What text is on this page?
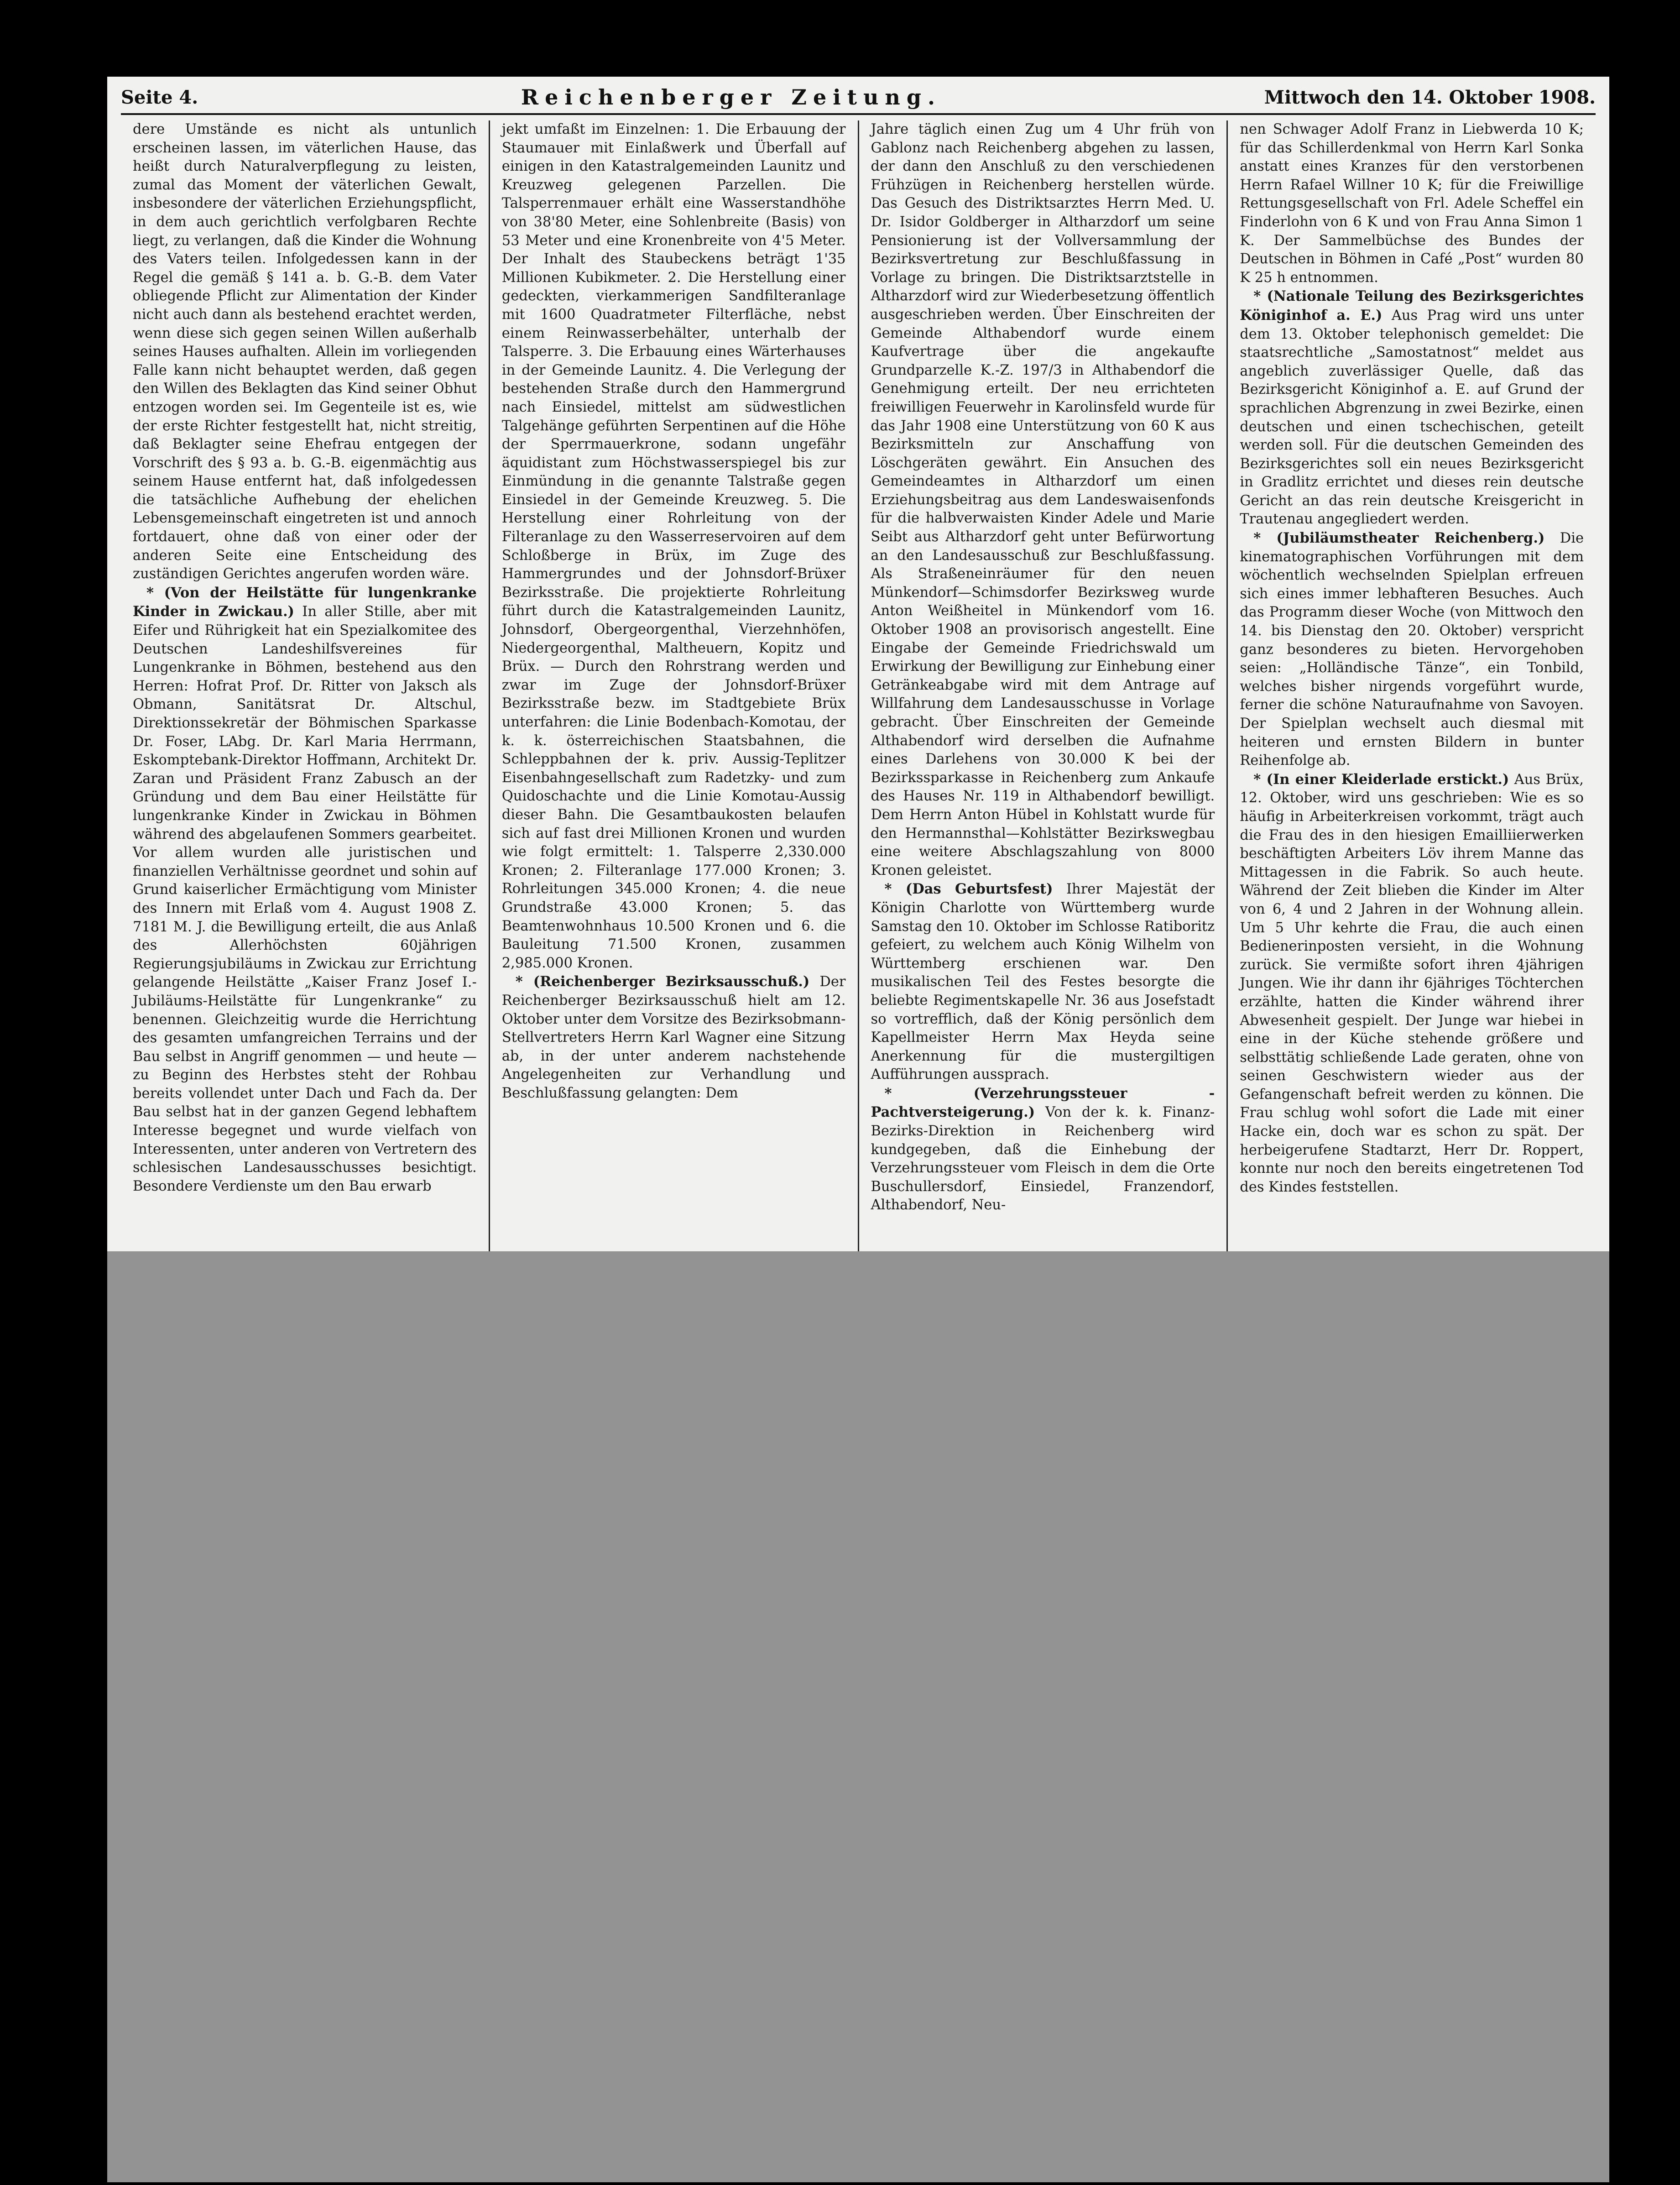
Seite 4.	Reichenberger Zeitung.	Mittwoch den 14. Oktober 1908.

dere Umstände es nicht als untunlich erscheinen lassen, im väterlichen Hause, das heißt durch Naturalverpflegung zu leisten, zumal das Moment der väterlichen Gewalt, insbesondere der väterlichen Erziehungspflicht, in dem auch gerichtlich verfolgbaren Rechte liegt, zu verlangen, daß die Kinder die Wohnung des Vaters teilen. Infolgedessen kann in der Regel die gemäß § 141 a. b. G.-B. dem Vater obliegende Pflicht zur Alimentation der Kinder nicht auch dann als bestehend erachtet werden, wenn diese sich gegen seinen Willen außerhalb seines Hauses aufhalten. Allein im vorliegenden Falle kann nicht behauptet werden, daß gegen den Willen des Beklagten das Kind seiner Obhut entzogen worden sei. Im Gegenteile ist es, wie der erste Richter festgestellt hat, nicht streitig, daß Beklagter seine Ehefrau entgegen der Vorschrift des § 93 a. b. G.-B. eigenmächtig aus seinem Hause entfernt hat, daß infolgedessen die tatsächliche Aufhebung der ehelichen Lebensgemeinschaft eingetreten ist und annoch fortdauert, ohne daß von einer oder der anderen Seite eine Entscheidung des zuständigen Gerichtes angerufen worden wäre.

* (Von der Heilstätte für lungenkranke Kinder in Zwickau.) In aller Stille, aber mit Eifer und Rührigkeit hat ein Spezialkomitee des Deutschen Landeshilfsvereines für Lungenkranke in Böhmen, bestehend aus den Herren: Hofrat Prof. Dr. Ritter von Jaksch als Obmann, Sanitätsrat Dr. Altschul, Direktionssekretär der Böhmischen Sparkasse Dr. Foser, LAbg. Dr. Karl Maria Herrmann, Eskomptebank-Direktor Hoffmann, Architekt Dr. Zaran und Präsident Franz Zabusch an der Gründung und dem Bau einer Heilstätte für lungenkranke Kinder in Zwickau in Böhmen während des abgelaufenen Sommers gearbeitet. Vor allem wurden alle juristischen und finanziellen Verhältnisse geordnet und sohin auf Grund kaiserlicher Ermächtigung vom Minister des Innern mit Erlaß vom 4. August 1908 Z. 7181 M. J. die Bewilligung erteilt, die aus Anlaß des Allerhöchsten 60jährigen Regierungsjubiläums in Zwickau zur Errichtung gelangende Heilstätte „Kaiser Franz Josef I.-Jubiläums-Heilstätte für Lungenkranke“ zu benennen. Gleichzeitig wurde die Herrichtung des gesamten umfangreichen Terrains und der Bau selbst in Angriff genommen — und heute — zu Beginn des Herbstes steht der Rohbau bereits vollendet unter Dach und Fach da. Der Bau selbst hat in der ganzen Gegend lebhaftem Interesse begegnet und wurde vielfach von Interessenten, unter anderen von Vertretern des schlesischen Landesausschusses besichtigt. Besondere Verdienste um den Bau erwarb

jekt umfaßt im Einzelnen: 1. Die Erbauung der Staumauer mit Einlaßwerk und Überfall auf einigen in den Katastralgemeinden Launitz und Kreuzweg gelegenen Parzellen. Die Talsperrenmauer erhält eine Wasserstandhöhe von 38'80 Meter, eine Sohlenbreite (Basis) von 53 Meter und eine Kronenbreite von 4'5 Meter. Der Inhalt des Staubeckens beträgt 1'35 Millionen Kubikmeter. 2. Die Herstellung einer gedeckten, vierkammerigen Sandfilteranlage mit 1600 Quadratmeter Filterfläche, nebst einem Reinwasserbehälter, unterhalb der Talsperre. 3. Die Erbauung eines Wärterhauses in der Gemeinde Launitz. 4. Die Verlegung der bestehenden Straße durch den Hammergrund nach Einsiedel, mittelst am südwestlichen Talgehänge geführten Serpentinen auf die Höhe der Sperrmauerkrone, sodann ungefähr äquidistant zum Höchstwasserspiegel bis zur Einmündung in die genannte Talstraße gegen Einsiedel in der Gemeinde Kreuzweg. 5. Die Herstellung einer Rohrleitung von der Filteranlage zu den Wasserreservoiren auf dem Schloßberge in Brüx, im Zuge des Hammergrundes und der Johnsdorf-Brüxer Bezirksstraße. Die projektierte Rohrleitung führt durch die Katastralgemeinden Launitz, Johnsdorf, Obergeorgenthal, Vierzehnhöfen, Niedergeorgenthal, Maltheuern, Kopitz und Brüx. — Durch den Rohrstrang werden und zwar im Zuge der Johnsdorf-Brüxer Bezirksstraße bezw. im Stadtgebiete Brüx unterfahren: die Linie Bodenbach-Komotau, der k. k. österreichischen Staatsbahnen, die Schleppbahnen der k. priv. Aussig-Teplitzer Eisenbahngesellschaft zum Radetzky- und zum Quidoschachte und die Linie Komotau-Aussig dieser Bahn. Die Gesamtbaukosten belaufen sich auf fast drei Millionen Kronen und wurden wie folgt ermittelt: 1. Talsperre 2,330.000 Kronen; 2. Filteranlage 177.000 Kronen; 3. Rohrleitungen 345.000 Kronen; 4. die neue Grundstraße 43.000 Kronen; 5. das Beamtenwohnhaus 10.500 Kronen und 6. die Bauleitung 71.500 Kronen, zusammen 2,985.000 Kronen.

* (Reichenberger Bezirksausschuß.) Der Reichenberger Bezirksausschuß hielt am 12. Oktober unter dem Vorsitze des Bezirksobmann-Stellvertreters Herrn Karl Wagner eine Sitzung ab, in der unter anderem nachstehende Angelegenheiten zur Verhandlung und Beschlußfassung gelangten: Dem

Jahre täglich einen Zug um 4 Uhr früh von Gablonz nach Reichenberg abgehen zu lassen, der dann den Anschluß zu den verschiedenen Frühzügen in Reichenberg herstellen würde. Das Gesuch des Distriktsarztes Herrn Med. U. Dr. Isidor Goldberger in Altharzdorf um seine Pensionierung ist der Vollversammlung der Bezirksvertretung zur Beschlußfassung in Vorlage zu bringen. Die Distriktsarztstelle in Altharzdorf wird zur Wiederbesetzung öffentlich ausgeschrieben werden. Über Einschreiten der Gemeinde Althabendorf wurde einem Kaufvertrage über die angekaufte Grundparzelle K.-Z. 197/3 in Althabendorf die Genehmigung erteilt. Der neu errichteten freiwilligen Feuerwehr in Karolinsfeld wurde für das Jahr 1908 eine Unterstützung von 60 K aus Bezirksmitteln zur Anschaffung von Löschgeräten gewährt. Ein Ansuchen des Gemeindeamtes in Altharzdorf um einen Erziehungsbeitrag aus dem Landeswaisenfonds für die halbverwaisten Kinder Adele und Marie Seibt aus Altharzdorf geht unter Befürwortung an den Landesausschuß zur Beschlußfassung. Als Straßeneinräumer für den neuen Münkendorf—Schimsdorfer Bezirksweg wurde Anton Weißheitel in Münkendorf vom 16. Oktober 1908 an provisorisch angestellt. Eine Eingabe der Gemeinde Friedrichswald um Erwirkung der Bewilligung zur Einhebung einer Getränkeabgabe wird mit dem Antrage auf Willfahrung dem Landesausschusse in Vorlage gebracht. Über Einschreiten der Gemeinde Althabendorf wird derselben die Aufnahme eines Darlehens von 30.000 K bei der Bezirkssparkasse in Reichenberg zum Ankaufe des Hauses Nr. 119 in Althabendorf bewilligt. Dem Herrn Anton Hübel in Kohlstatt wurde für den Hermannsthal—Kohlstätter Bezirkswegbau eine weitere Abschlagszahlung von 8000 Kronen geleistet.

* (Das Geburtsfest) Ihrer Majestät der Königin Charlotte von Württemberg wurde Samstag den 10. Oktober im Schlosse Ratiboritz gefeiert, zu welchem auch König Wilhelm von Württemberg erschienen war. Den musikalischen Teil des Festes besorgte die beliebte Regimentskapelle Nr. 36 aus Josefstadt so vortrefflich, daß der König persönlich dem Kapellmeister Herrn Max Heyda seine Anerkennung für die mustergiltigen Aufführungen aussprach.

* (Verzehrungssteuer - Pachtversteigerung.) Von der k. k. Finanz-Bezirks-Direktion in Reichenberg wird kundgegeben, daß die Einhebung der Verzehrungssteuer vom Fleisch in dem die Orte Buschullersdorf, Einsiedel, Franzendorf, Althabendorf, Neu-

nen Schwager Adolf Franz in Liebwerda 10 K; für das Schillerdenkmal von Herrn Karl Sonka anstatt eines Kranzes für den verstorbenen Herrn Rafael Willner 10 K; für die Freiwillige Rettungsgesellschaft von Frl. Adele Scheffel ein Finderlohn von 6 K und von Frau Anna Simon 1 K. Der Sammelbüchse des Bundes der Deutschen in Böhmen in Café „Post“ wurden 80 K 25 h entnommen.

* (Nationale Teilung des Bezirksgerichtes Königinhof a. E.) Aus Prag wird uns unter dem 13. Oktober telephonisch gemeldet: Die staatsrechtliche „Samostatnost“ meldet aus angeblich zuverlässiger Quelle, daß das Bezirksgericht Königinhof a. E. auf Grund der sprachlichen Abgrenzung in zwei Bezirke, einen deutschen und einen tschechischen, geteilt werden soll. Für die deutschen Gemeinden des Bezirksgerichtes soll ein neues Bezirksgericht in Gradlitz errichtet und dieses rein deutsche Gericht an das rein deutsche Kreisgericht in Trautenau angegliedert werden.

* (Jubiläumstheater Reichenberg.) Die kinematographischen Vorführungen mit dem wöchentlich wechselnden Spielplan erfreuen sich eines immer lebhafteren Besuches. Auch das Programm dieser Woche (von Mittwoch den 14. bis Dienstag den 20. Oktober) verspricht ganz besonderes zu bieten. Hervorgehoben seien: „Holländische Tänze“, ein Tonbild, welches bisher nirgends vorgeführt wurde, ferner die schöne Naturaufnahme von Savoyen. Der Spielplan wechselt auch diesmal mit heiteren und ernsten Bildern in bunter Reihenfolge ab.

* (In einer Kleiderlade erstickt.) Aus Brüx, 12. Oktober, wird uns geschrieben: Wie es so häufig in Arbeiterkreisen vorkommt, trägt auch die Frau des in den hiesigen Emailliierwerken beschäftigten Arbeiters Löv ihrem Manne das Mittagessen in die Fabrik. So auch heute. Während der Zeit blieben die Kinder im Alter von 6, 4 und 2 Jahren in der Wohnung allein. Um 5 Uhr kehrte die Frau, die auch einen Bedienerinposten versieht, in die Wohnung zurück. Sie vermißte sofort ihren 4jährigen Jungen. Wie ihr dann ihr 6jähriges Töchterchen erzählte, hatten die Kinder während ihrer Abwesenheit gespielt. Der Junge war hiebei in eine in der Küche stehende größere und selbsttätig schließende Lade geraten, ohne von seinen Geschwistern wieder aus der Gefangenschaft befreit werden zu können. Die Frau schlug wohl sofort die Lade mit einer Hacke ein, doch war es schon zu spät. Der herbeigerufene Stadtarzt, Herr Dr. Roppert, konnte nur noch den bereits eingetretenen Tod des Kindes feststellen.
